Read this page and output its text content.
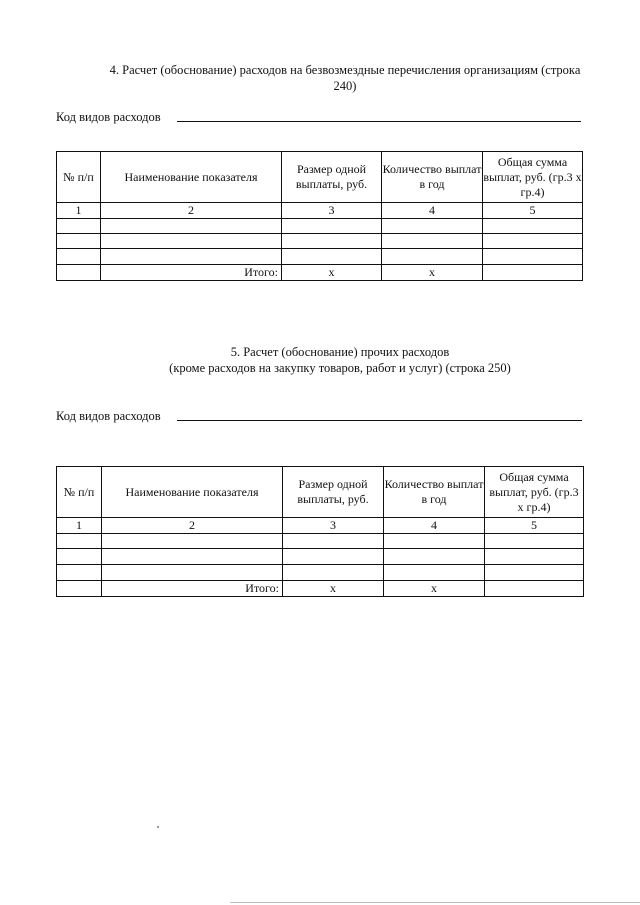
4. Расчет (обоснование) расходов на безвозмездные перечисления организациям (строка
240)
Код видов расходов
№ п/п	Наименование показателя	Размер одной выплаты, руб.	Количество выплат в год	Общая сумма выплат, руб. (гр.3 х гр.4)
1	2	3	4	5

	Итого:	х	х	
5. Расчет (обоснование) прочих расходов
(кроме расходов на закупку товаров, работ и услуг) (строка 250)
Код видов расходов
№ п/п	Наименование показателя	Размер одной выплаты, руб.	Количество выплат в год	Общая сумма выплат, руб. (гр.3 х гр.4)
1	2	3	4	5

	Итого:	х	х	
